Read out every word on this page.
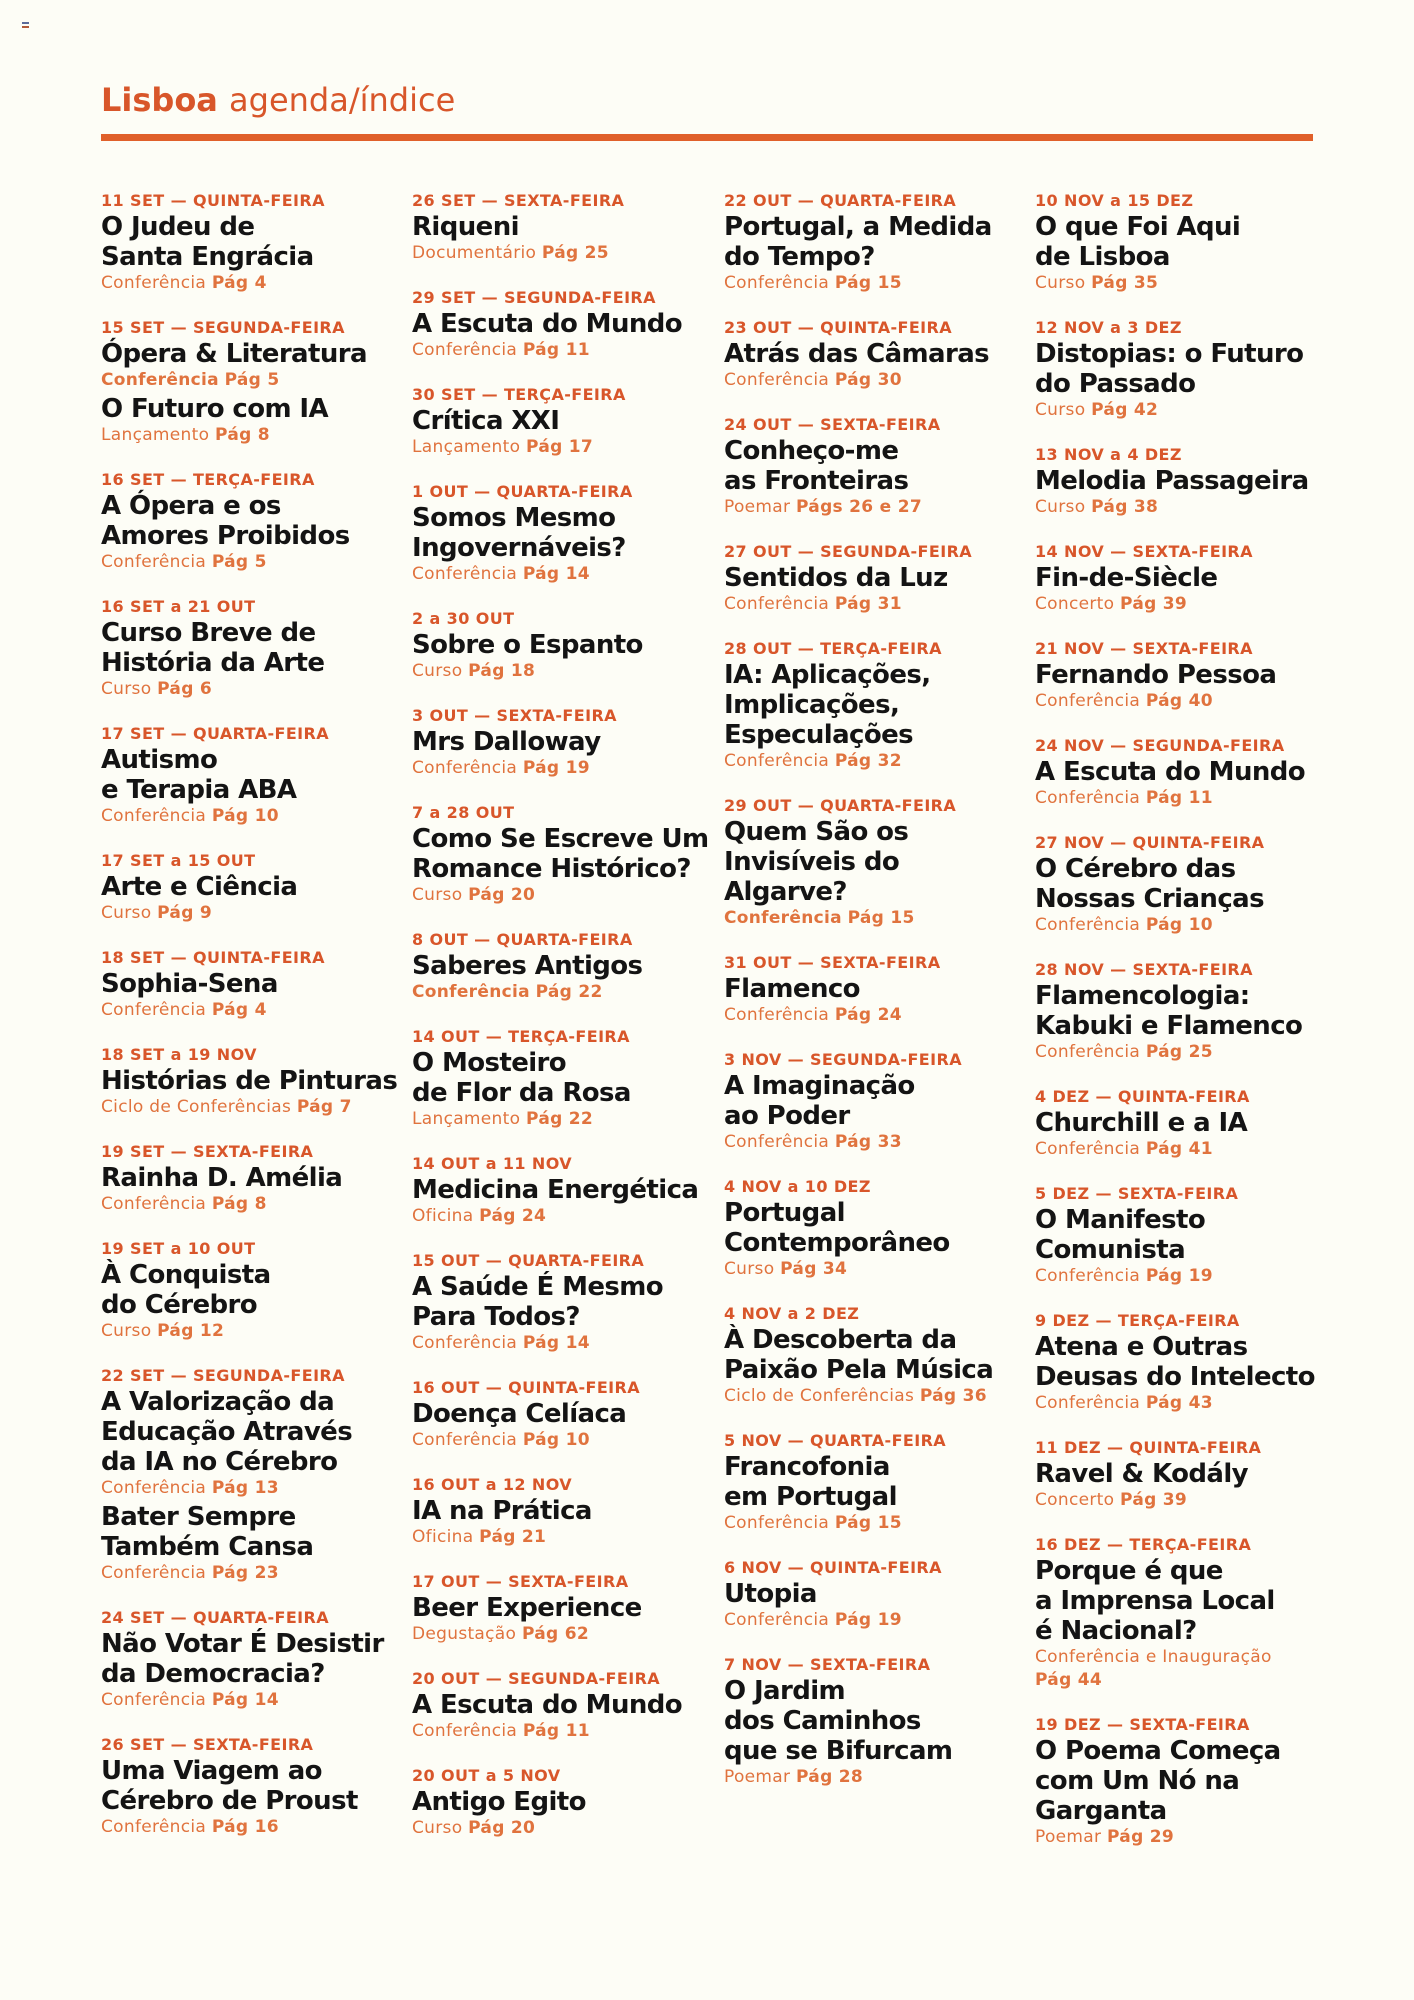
Lisboa agenda/índice
11 SET — QUINTA-FEIRA
O Judeu de
Santa Engrácia
Conferência Pág 4
15 SET — SEGUNDA-FEIRA
Ópera & Literatura
Conferência Pág 5
O Futuro com IA
Lançamento Pág 8
16 SET — TERÇA-FEIRA
A Ópera e os
Amores Proibidos
Conferência Pág 5
16 SET a 21 OUT
Curso Breve de
História da Arte
Curso Pág 6
17 SET — QUARTA-FEIRA
Autismo
e Terapia ABA
Conferência Pág 10
17 SET a 15 OUT
Arte e Ciência
Curso Pág 9
18 SET — QUINTA-FEIRA
Sophia-Sena
Conferência Pág 4
18 SET a 19 NOV
Histórias de Pinturas
Ciclo de Conferências Pág 7
19 SET — SEXTA-FEIRA
Rainha D. Amélia
Conferência Pág 8
19 SET a 10 OUT
À Conquista
do Cérebro
Curso Pág 12
22 SET — SEGUNDA-FEIRA
A Valorização da
Educação Através
da IA no Cérebro
Conferência Pág 13
Bater Sempre
Também Cansa
Conferência Pág 23
24 SET — QUARTA-FEIRA
Não Votar É Desistir
da Democracia?
Conferência Pág 14
26 SET — SEXTA-FEIRA
Uma Viagem ao
Cérebro de Proust
Conferência Pág 16
26 SET — SEXTA-FEIRA
Riqueni
Documentário Pág 25
29 SET — SEGUNDA-FEIRA
A Escuta do Mundo
Conferência Pág 11
30 SET — TERÇA-FEIRA
Crítica XXI
Lançamento Pág 17
1 OUT — QUARTA-FEIRA
Somos Mesmo
Ingovernáveis?
Conferência Pág 14
2 a 30 OUT
Sobre o Espanto
Curso Pág 18
3 OUT — SEXTA-FEIRA
Mrs Dalloway
Conferência Pág 19
7 a 28 OUT
Como Se Escreve Um
Romance Histórico?
Curso Pág 20
8 OUT — QUARTA-FEIRA
Saberes Antigos
Conferência Pág 22
14 OUT — TERÇA-FEIRA
O Mosteiro
de Flor da Rosa
Lançamento Pág 22
14 OUT a 11 NOV
Medicina Energética
Oficina Pág 24
15 OUT — QUARTA-FEIRA
A Saúde É Mesmo
Para Todos?
Conferência Pág 14
16 OUT — QUINTA-FEIRA
Doença Celíaca
Conferência Pág 10
16 OUT a 12 NOV
IA na Prática
Oficina Pág 21
17 OUT — SEXTA-FEIRA
Beer Experience
Degustação Pág 62
20 OUT — SEGUNDA-FEIRA
A Escuta do Mundo
Conferência Pág 11
20 OUT a 5 NOV
Antigo Egito
Curso Pág 20
22 OUT — QUARTA-FEIRA
Portugal, a Medida
do Tempo?
Conferência Pág 15
23 OUT — QUINTA-FEIRA
Atrás das Câmaras
Conferência Pág 30
24 OUT — SEXTA-FEIRA
Conheço-me
as Fronteiras
Poemar Págs 26 e 27
27 OUT — SEGUNDA-FEIRA
Sentidos da Luz
Conferência Pág 31
28 OUT — TERÇA-FEIRA
IA: Aplicações,
Implicações,
Especulações
Conferência Pág 32
29 OUT — QUARTA-FEIRA
Quem São os
Invisíveis do
Algarve?
Conferência Pág 15
31 OUT — SEXTA-FEIRA
Flamenco
Conferência Pág 24
3 NOV — SEGUNDA-FEIRA
A Imaginação
ao Poder
Conferência Pág 33
4 NOV a 10 DEZ
Portugal
Contemporâneo
Curso Pág 34
4 NOV a 2 DEZ
À Descoberta da
Paixão Pela Música
Ciclo de Conferências Pág 36
5 NOV — QUARTA-FEIRA
Francofonia
em Portugal
Conferência Pág 15
6 NOV — QUINTA-FEIRA
Utopia
Conferência Pág 19
7 NOV — SEXTA-FEIRA
O Jardim
dos Caminhos
que se Bifurcam
Poemar Pág 28
10 NOV a 15 DEZ
O que Foi Aqui
de Lisboa
Curso Pág 35
12 NOV a 3 DEZ
Distopias: o Futuro
do Passado
Curso Pág 42
13 NOV a 4 DEZ
Melodia Passageira
Curso Pág 38
14 NOV — SEXTA-FEIRA
Fin-de-Siècle
Concerto Pág 39
21 NOV — SEXTA-FEIRA
Fernando Pessoa
Conferência Pág 40
24 NOV — SEGUNDA-FEIRA
A Escuta do Mundo
Conferência Pág 11
27 NOV — QUINTA-FEIRA
O Cérebro das
Nossas Crianças
Conferência Pág 10
28 NOV — SEXTA-FEIRA
Flamencologia:
Kabuki e Flamenco
Conferência Pág 25
4 DEZ — QUINTA-FEIRA
Churchill e a IA
Conferência Pág 41
5 DEZ — SEXTA-FEIRA
O Manifesto
Comunista
Conferência Pág 19
9 DEZ — TERÇA-FEIRA
Atena e Outras
Deusas do Intelecto
Conferência Pág 43
11 DEZ — QUINTA-FEIRA
Ravel & Kodály
Concerto Pág 39
16 DEZ — TERÇA-FEIRA
Porque é que
a Imprensa Local
é Nacional?
Conferência e Inauguração
Pág 44
19 DEZ — SEXTA-FEIRA
O Poema Começa
com Um Nó na
Garganta
Poemar Pág 29
